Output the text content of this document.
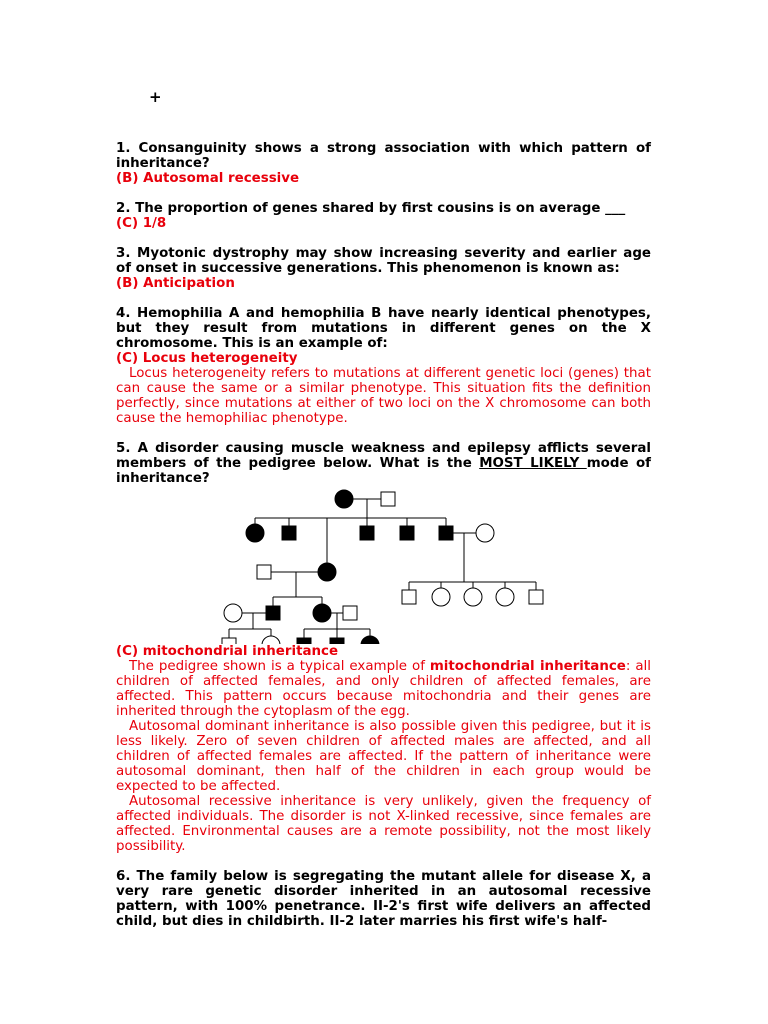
+
1. Consanguinity shows a strong association with which pattern of inheritance?
(B) Autosomal recessive
2. The proportion of genes shared by first cousins is on average ___
(C) 1/8
3. Myotonic dystrophy may show increasing severity and earlier age of onset in successive generations. This phenomenon is known as:
(B) Anticipation
4. Hemophilia A and hemophilia B have nearly identical phenotypes, but they result from mutations in different genes on the X chromosome. This is an example of:
(C) Locus heterogeneity

Locus heterogeneity refers to mutations at different genetic loci (genes) that can cause the same or a similar phenotype. This situation fits the definition perfectly, since mutations at either of two loci on the X chromosome can both cause the hemophiliac phenotype.

5. A disorder causing muscle weakness and epilepsy afflicts several members of the pedigree below. What is the MOST LIKELY mode of inheritance?
(C) mitochondrial inheritance

The pedigree shown is a typical example of mitochondrial inheritance: all children of affected females, and only children of affected females, are affected. This pattern occurs because mitochondria and their genes are inherited through the cytoplasm of the egg.

Autosomal dominant inheritance is also possible given this pedigree, but it is less likely. Zero of seven children of affected males are affected, and all children of affected females are affected. If the pattern of inheritance were autosomal dominant, then half of the children in each group would be expected to be affected.

Autosomal recessive inheritance is very unlikely, given the frequency of affected individuals. The disorder is not X-linked recessive, since females are affected. Environmental causes are a remote possibility, not the most likely possibility.

6. The family below is segregating the mutant allele for disease X, a very rare genetic disorder inherited in an autosomal recessive pattern, with 100% penetrance. II-2's first wife delivers an affected child, but dies in childbirth. II-2 later marries his first wife's half-
